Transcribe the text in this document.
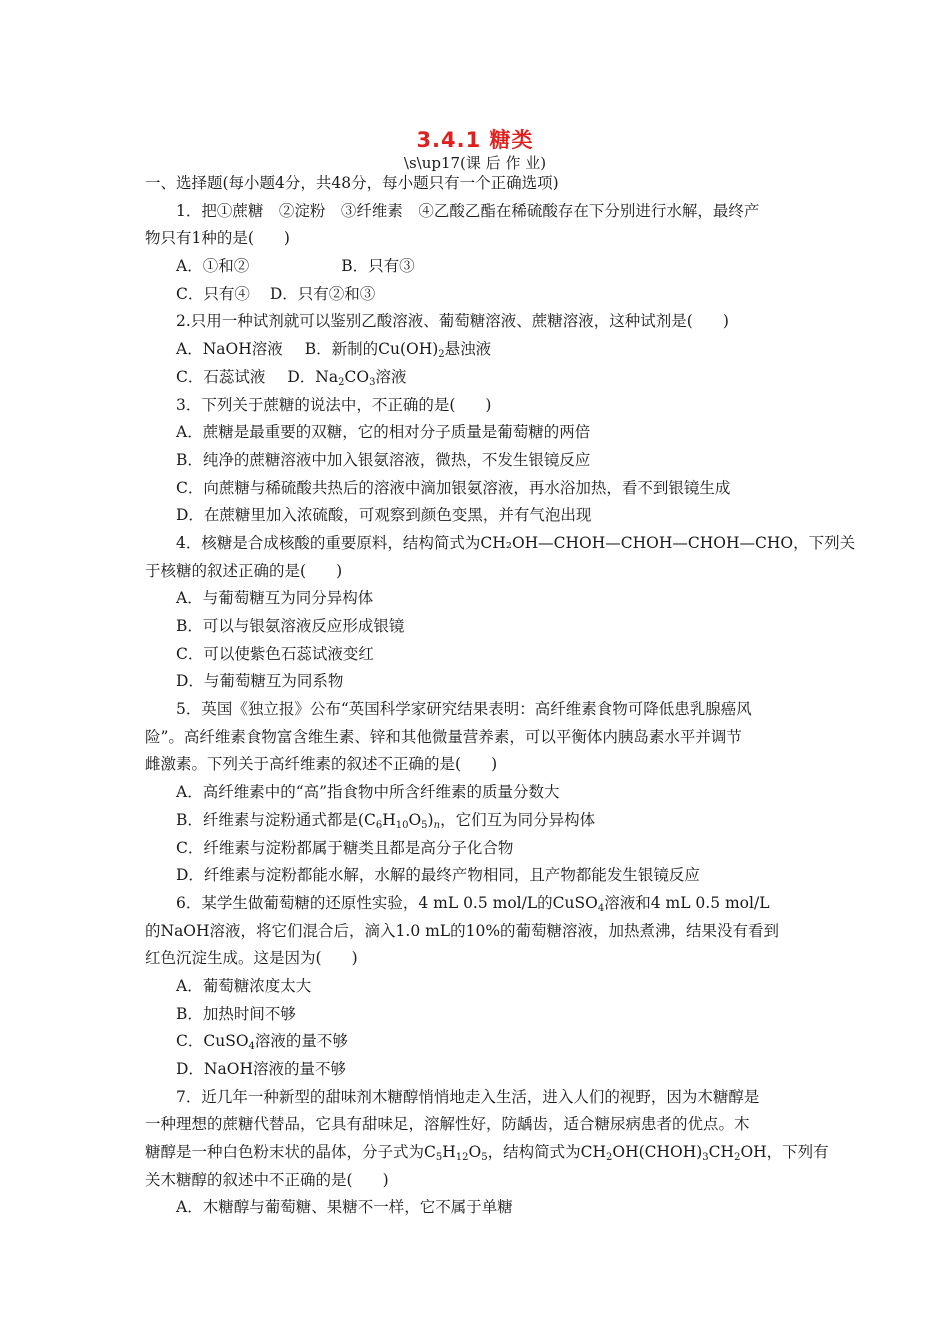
3.4.1 糖类
\s\up17(课 后 作 业)
一、选择题(每小题4分，共48分，每小题只有一个正确选项)
1．把①蔗糖　②淀粉　③纤维素　④乙酸乙酯在稀硫酸存在下分别进行水解，最终产
物只有1种的是( )
A．①和②	B．只有③
C．只有④ D．只有②和③
2.只用一种试剂就可以鉴别乙酸溶液、葡萄糖溶液、蔗糖溶液，这种试剂是( )
A．NaOH溶液 B．新制的$Cu(OH)_2$悬浊液
C．石蕊试液 D．$Na_2CO_3$溶液
3．下列关于蔗糖的说法中，不正确的是( )
A．蔗糖是最重要的双糖，它的相对分子质量是葡萄糖的两倍
B．纯净的蔗糖溶液中加入银氨溶液，微热，不发生银镜反应
C．向蔗糖与稀硫酸共热后的溶液中滴加银氨溶液，再水浴加热，看不到银镜生成
D．在蔗糖里加入浓硫酸，可观察到颜色变黑，并有气泡出现
4．核糖是合成核酸的重要原料，结构简式为CH₂OH—CHOH—CHOH—CHOH—CHO，下列关
于核糖的叙述正确的是( )
A．与葡萄糖互为同分异构体
B．可以与银氨溶液反应形成银镜
C．可以使紫色石蕊试液变红
D．与葡萄糖互为同系物
5．英国《独立报》公布“英国科学家研究结果表明：高纤维素食物可降低患乳腺癌风
险”。高纤维素食物富含维生素、锌和其他微量营养素，可以平衡体内胰岛素水平并调节
雌激素。下列关于高纤维素的叙述不正确的是( )
A．高纤维素中的“高”指食物中所含纤维素的质量分数大
B．纤维素与淀粉通式都是$(C_6H_{10}O_5)_n$，它们互为同分异构体
C．纤维素与淀粉都属于糖类且都是高分子化合物
D．纤维素与淀粉都能水解，水解的最终产物相同，且产物都能发生银镜反应
6．某学生做葡萄糖的还原性实验，4 mL 0.5 mol/L的CuSO$_4$溶液和4 mL 0.5 mol/L
的NaOH溶液，将它们混合后，滴入1.0 mL的10%的葡萄糖溶液，加热煮沸，结果没有看到
红色沉淀生成。这是因为( )
A．葡萄糖浓度太大
B．加热时间不够
C．CuSO$_4$溶液的量不够
D．NaOH溶液的量不够
7．近几年一种新型的甜味剂木糖醇悄悄地走入生活，进入人们的视野，因为木糖醇是
一种理想的蔗糖代替品，它具有甜味足，溶解性好，防龋齿，适合糖尿病患者的优点。木
糖醇是一种白色粉末状的晶体，分子式为$C_5H_{12}O_5$，结构简式为$CH_2OH(CHOH)_3CH_2OH$，下列有
关木糖醇的叙述中不正确的是( )
A．木糖醇与葡萄糖、果糖不一样，它不属于单糖
